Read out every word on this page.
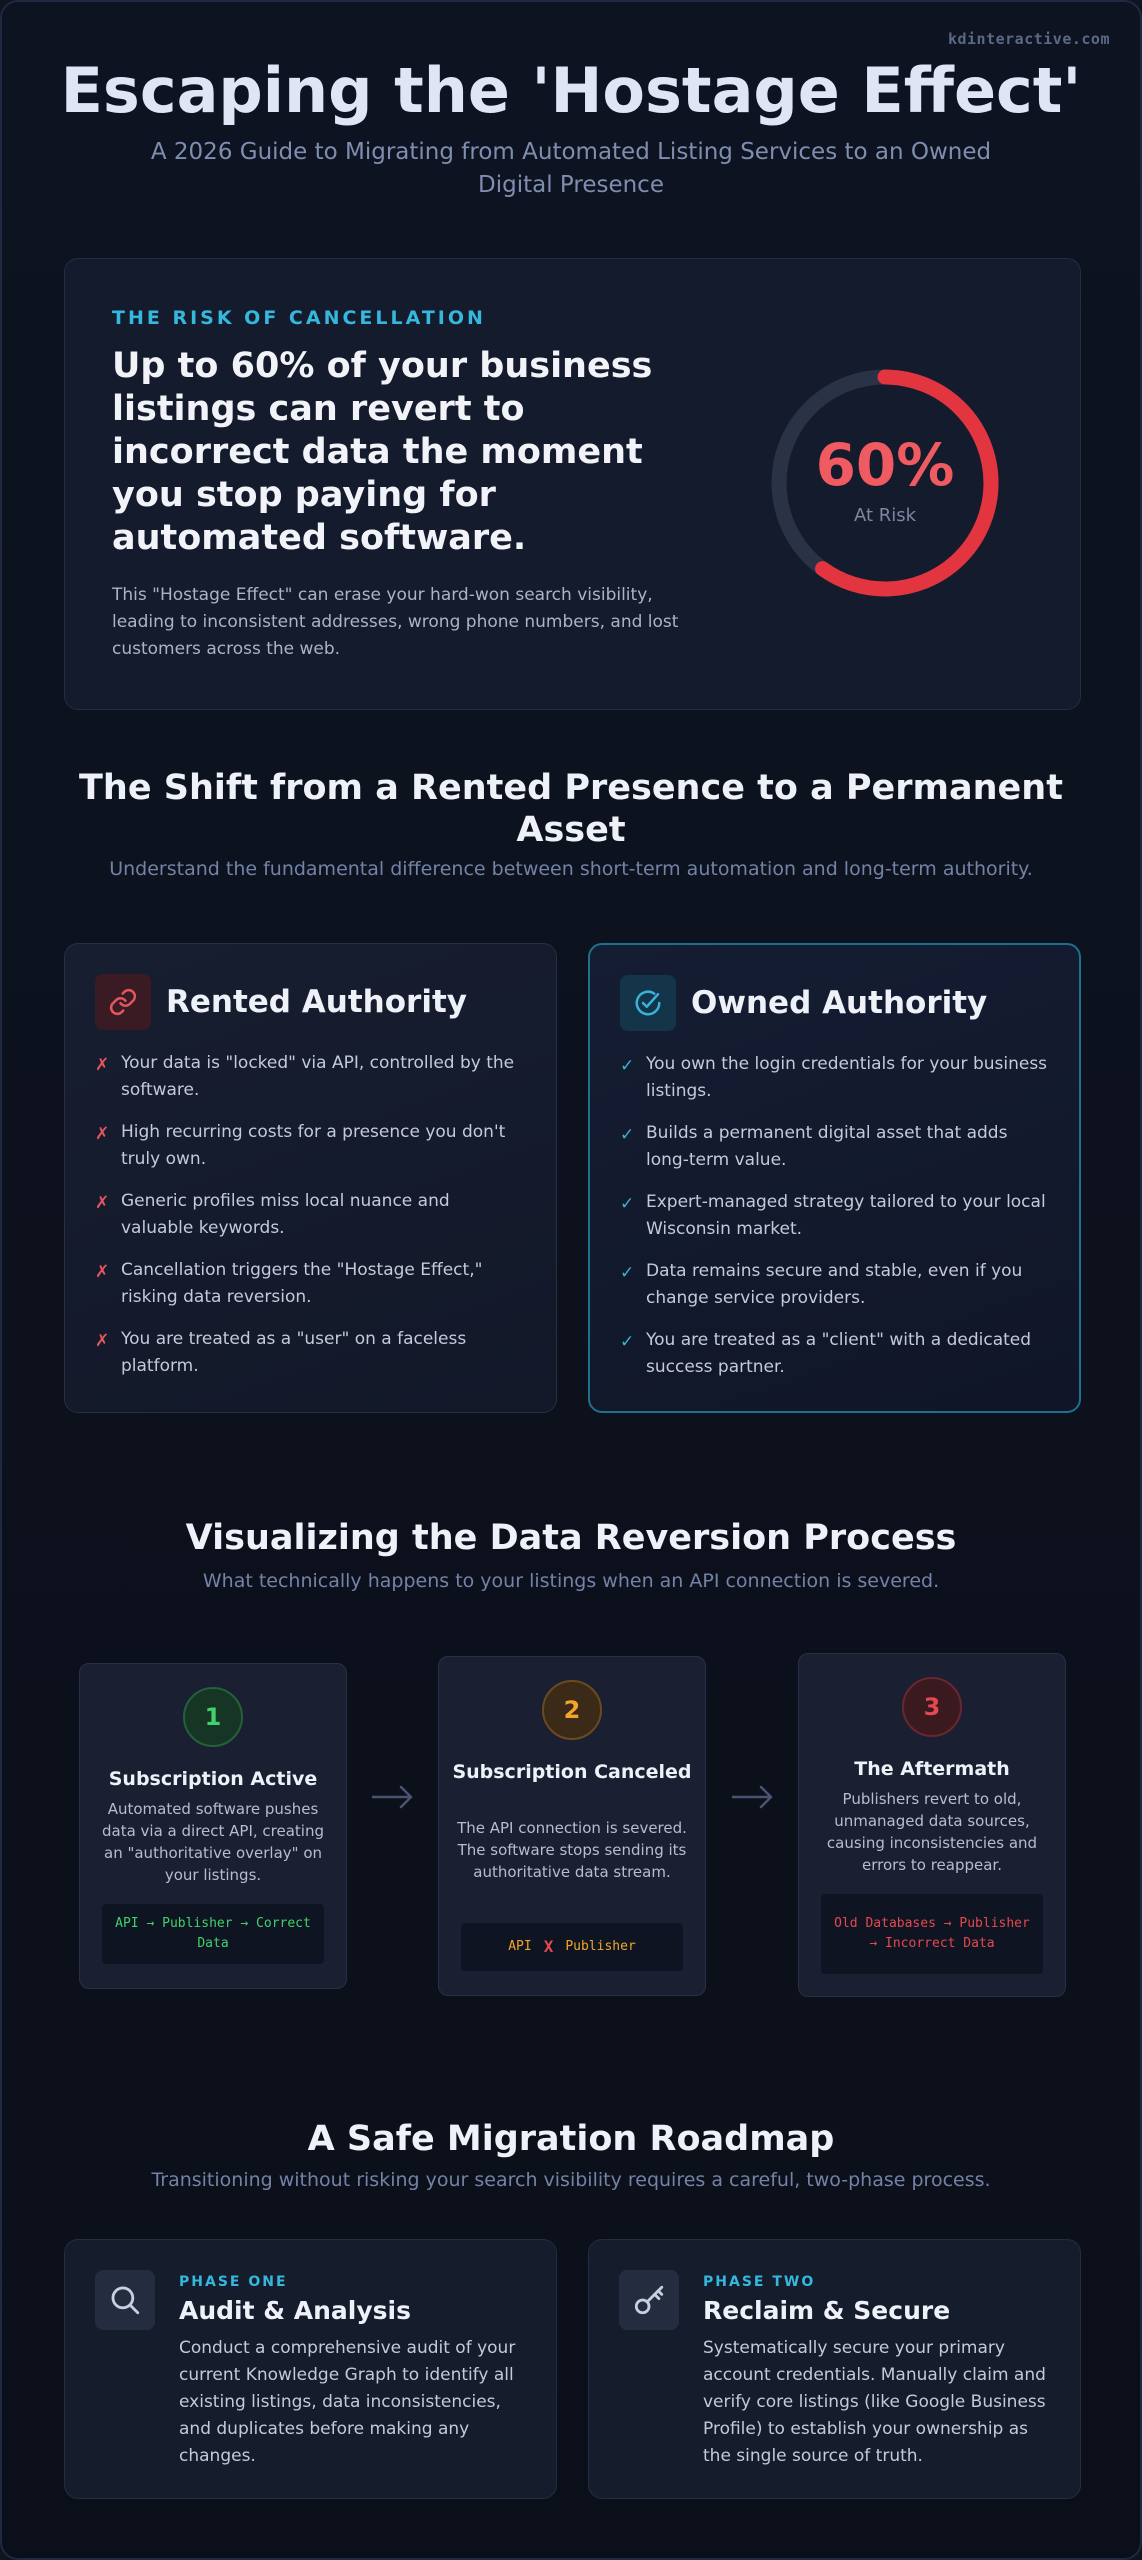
kdinteractive.com
Escaping the 'Hostage Effect'
A 2026 Guide to Migrating from Automated Listing Services to an Owned Digital Presence
THE RISK OF CANCELLATION
Up to 60% of your business listings can revert to incorrect data the moment you stop paying for automated software.
This "Hostage Effect" can erase your hard-won search visibility, leading to inconsistent addresses, wrong phone numbers, and lost customers across the web.
60%
At Risk
The Shift from a Rented Presence to a Permanent Asset
Understand the fundamental difference between short-term automation and long-term authority.
Rented Authority
✗ Your data is "locked" via API, controlled by the software.
✗ High recurring costs for a presence you don't truly own.
✗ Generic profiles miss local nuance and valuable keywords.
✗ Cancellation triggers the "Hostage Effect," risking data reversion.
✗ You are treated as a "user" on a faceless platform.
Owned Authority
✓ You own the login credentials for your business listings.
✓ Builds a permanent digital asset that adds long-term value.
✓ Expert-managed strategy tailored to your local Wisconsin market.
✓ Data remains secure and stable, even if you change service providers.
✓ You are treated as a "client" with a dedicated success partner.
Visualizing the Data Reversion Process
What technically happens to your listings when an API connection is severed.
1
Subscription Active
Automated software pushes data via a direct API, creating an "authoritative overlay" on your listings.
API → Publisher → Correct Data
2
Subscription Canceled
The API connection is severed. The software stops sending its authoritative data stream.
API X Publisher
3
The Aftermath
Publishers revert to old, unmanaged data sources, causing inconsistencies and errors to reappear.
Old Databases → Publisher → Incorrect Data
A Safe Migration Roadmap
Transitioning without risking your search visibility requires a careful, two-phase process.
PHASE ONE
Audit & Analysis
Conduct a comprehensive audit of your current Knowledge Graph to identify all existing listings, data inconsistencies, and duplicates before making any changes.
PHASE TWO
Reclaim & Secure
Systematically secure your primary account credentials. Manually claim and verify core listings (like Google Business Profile) to establish your ownership as the single source of truth.
